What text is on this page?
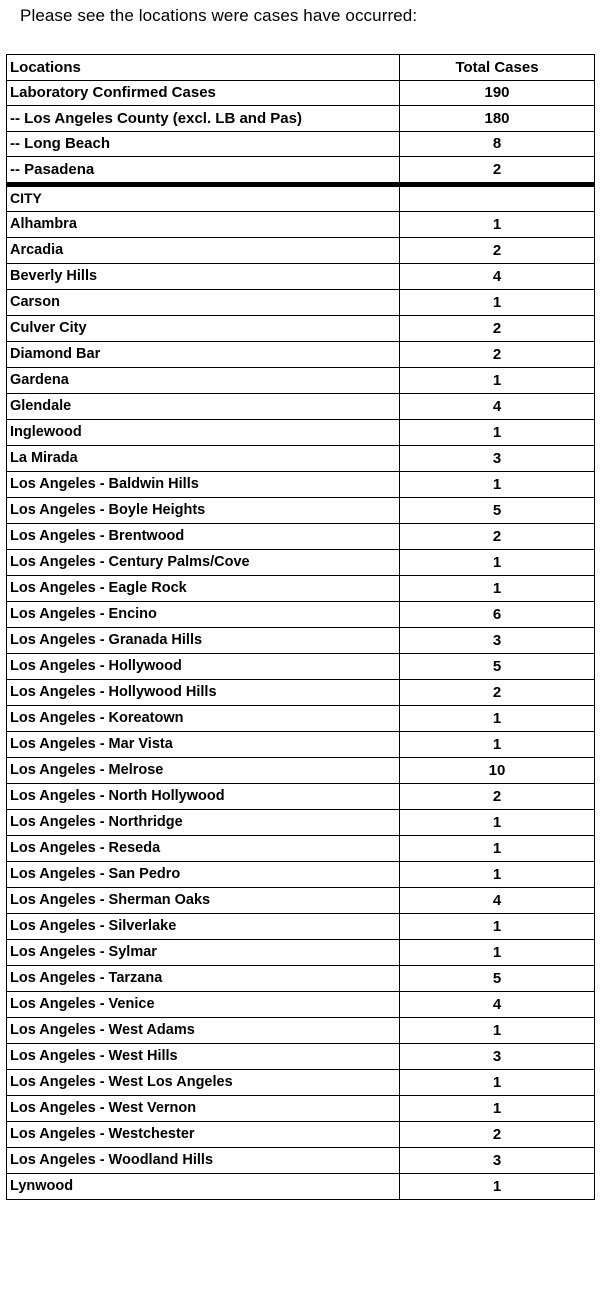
Please see the locations were cases have occurred:
Locations	Total Cases
Laboratory Confirmed Cases	190
-- Los Angeles County (excl. LB and Pas)	180
-- Long Beach	8
-- Pasadena	2

CITY	
Alhambra	1
Arcadia	2
Beverly Hills	4
Carson	1
Culver City	2
Diamond Bar	2
Gardena	1
Glendale	4
Inglewood	1
La Mirada	3
Los Angeles - Baldwin Hills	1
Los Angeles - Boyle Heights	5
Los Angeles - Brentwood	2
Los Angeles - Century Palms/Cove	1
Los Angeles - Eagle Rock	1
Los Angeles - Encino	6
Los Angeles - Granada Hills	3
Los Angeles - Hollywood	5
Los Angeles - Hollywood Hills	2
Los Angeles - Koreatown	1
Los Angeles - Mar Vista	1
Los Angeles - Melrose	10
Los Angeles - North Hollywood	2
Los Angeles - Northridge	1
Los Angeles - Reseda	1
Los Angeles - San Pedro	1
Los Angeles - Sherman Oaks	4
Los Angeles - Silverlake	1
Los Angeles - Sylmar	1
Los Angeles - Tarzana	5
Los Angeles - Venice	4
Los Angeles - West Adams	1
Los Angeles - West Hills	3
Los Angeles - West Los Angeles	1
Los Angeles - West Vernon	1
Los Angeles - Westchester	2
Los Angeles - Woodland Hills	3
Lynwood	1
